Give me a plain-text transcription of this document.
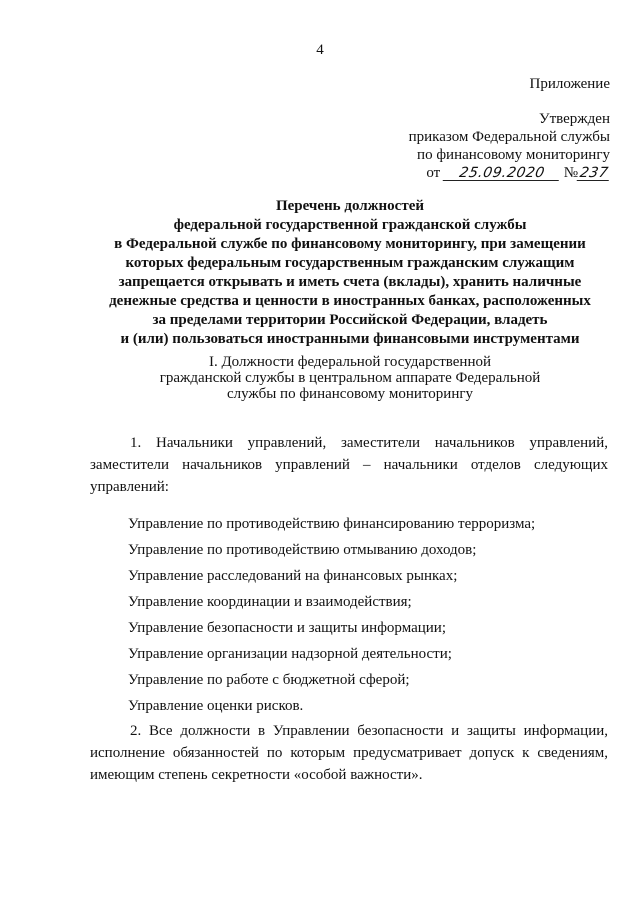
4
Приложение
Утвержден
приказом Федеральной службы
по финансовому мониторингу
от 25.09.2020 №237
Перечень должностей
федеральной государственной гражданской службы
в Федеральной службе по финансовому мониторингу, при замещении
которых федеральным государственным гражданским служащим
запрещается открывать и иметь счета (вклады), хранить наличные
денежные средства и ценности в иностранных банках, расположенных
за пределами территории Российской Федерации, владеть
и (или) пользоваться иностранными финансовыми инструментами
I. Должности федеральной государственной
гражданской службы в центральном аппарате Федеральной
службы по финансовому мониторингу
1. Начальники управлений, заместители начальников управлений,
заместители начальников управлений – начальники отделов следующих
управлений:
Управление по противодействию финансированию терроризма;
Управление по противодействию отмыванию доходов;
Управление расследований на финансовых рынках;
Управление координации и взаимодействия;
Управление безопасности и защиты информации;
Управление организации надзорной деятельности;
Управление по работе с бюджетной сферой;
Управление оценки рисков.
2. Все должности в Управлении безопасности и защиты информации,
исполнение обязанностей по которым предусматривает допуск к сведениям,
имеющим степень секретности «особой важности».
